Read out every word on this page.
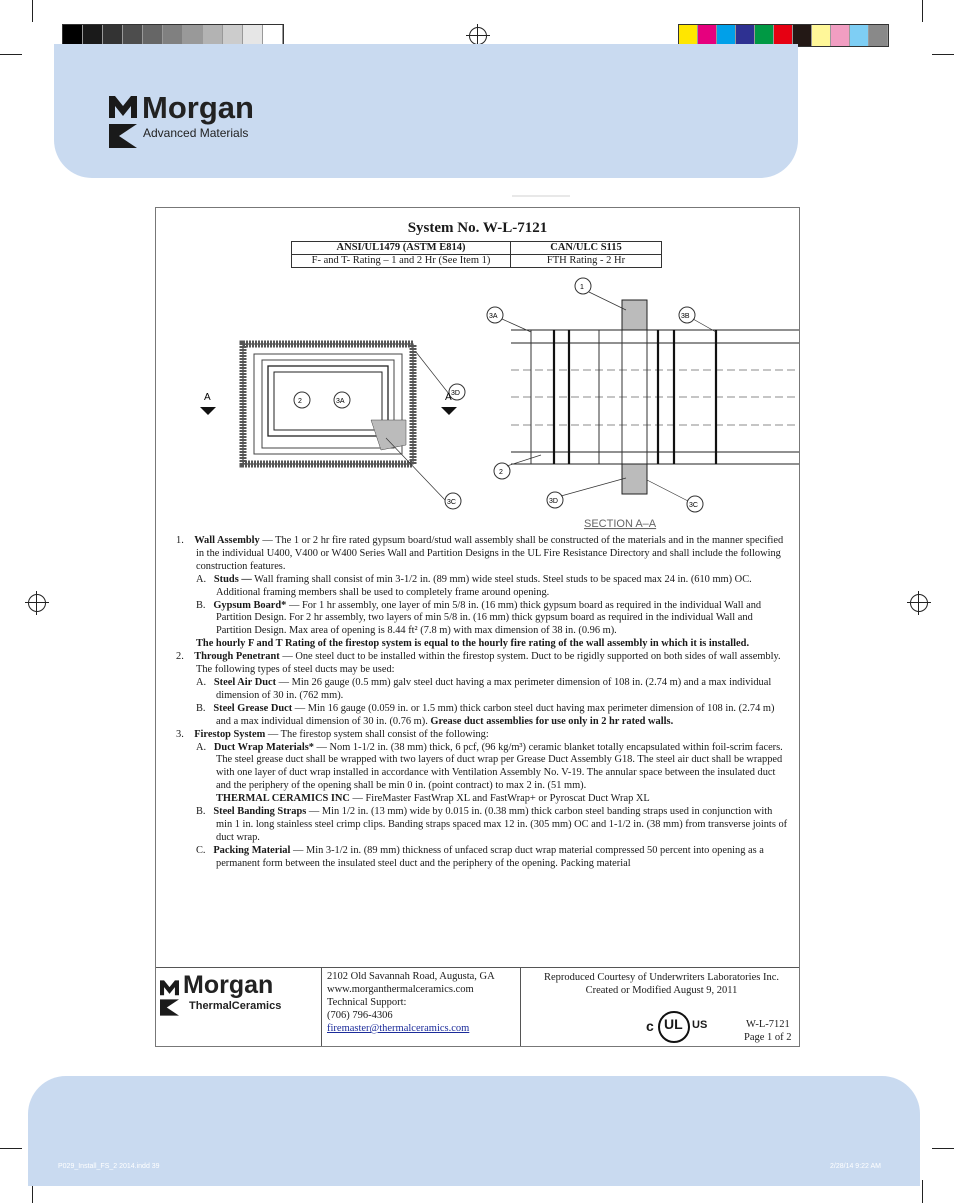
Morgan
Advanced Materials
System No. W-L-7121
ANSI/UL1479 (ASTM E814)	CAN/ULC S115
F- and T- Rating – 1 and 2 Hr (See Item 1)	FTH Rating - 2 Hr
A	A
2	3A
3D
3C
1
3A	3B
2
3D
3C
SECTION A–A

1. Wall Assembly — The 1 or 2 hr fire rated gypsum board/stud wall assembly shall be constructed of the materials and in the manner specified in the individual U400, V400 or W400 Series Wall and Partition Designs in the UL Fire Resistance Directory and shall include the following construction features.

A. Studs — Wall framing shall consist of min 3-1/2 in. (89 mm) wide steel studs. Steel studs to be spaced max 24 in. (610 mm) OC. Additional framing members shall be used to completely frame around opening.

B. Gypsum Board* — For 1 hr assembly, one layer of min 5/8 in. (16 mm) thick gypsum board as required in the individual Wall and Partition Design. For 2 hr assembly, two layers of min 5/8 in. (16 mm) thick gypsum board as required in the individual Wall and Partition Design. Max area of opening is 8.44 ft² (7.8 m) with max dimension of 38 in. (0.96 m).

The hourly F and T Rating of the firestop system is equal to the hourly fire rating of the wall assembly in which it is installed.

2. Through Penetrant — One steel duct to be installed within the firestop system. Duct to be rigidly supported on both sides of wall assembly. The following types of steel ducts may be used:

A. Steel Air Duct — Min 26 gauge (0.5 mm) galv steel duct having a max perimeter dimension of 108 in. (2.74 m) and a max individual dimension of 30 in. (762 mm).

B. Steel Grease Duct — Min 16 gauge (0.059 in. or 1.5 mm) thick carbon steel duct having max perimeter dimension of 108 in. (2.74 m) and a max individual dimension of 30 in. (0.76 m). Grease duct assemblies for use only in 2 hr rated walls.

3. Firestop System — The firestop system shall consist of the following:

A. Duct Wrap Materials* — Nom 1-1/2 in. (38 mm) thick, 6 pcf, (96 kg/m³) ceramic blanket totally encapsulated within foil-scrim facers. The steel grease duct shall be wrapped with two layers of duct wrap per Grease Duct Assembly G18. The steel air duct shall be wrapped with one layer of duct wrap installed in accordance with Ventilation Assembly No. V-19. The annular space between the insulated duct and the periphery of the opening shall be min 0 in. (point contract) to max 2 in. (51 mm).

THERMAL CERAMICS INC — FireMaster FastWrap XL and FastWrap+ or Pyroscat Duct Wrap XL

B. Steel Banding Straps — Min 1/2 in. (13 mm) wide by 0.015 in. (0.38 mm) thick carbon steel banding straps used in conjunction with min 1 in. long stainless steel crimp clips. Banding straps spaced max 12 in. (305 mm) OC and 1-1/2 in. (38 mm) from transverse joints of duct wrap.

C. Packing Material — Min 3-1/2 in. (89 mm) thickness of unfaced scrap duct wrap material compressed 50 percent into opening as a permanent form between the insulated steel duct and the periphery of the opening. Packing material

Morgan
ThermalCeramics
2102 Old Savannah Road, Augusta, GA
www.morganthermalceramics.com
Technical Support:
(706) 796-4306
firemaster@thermalceramics.com
Reproduced Courtesy of Underwriters Laboratories Inc.
Created or Modified August 9, 2011
c UL US	W-L-7121
Page 1 of 2
P029_Install_FS_2 2014.indd 39	2/28/14 9:22 AM
